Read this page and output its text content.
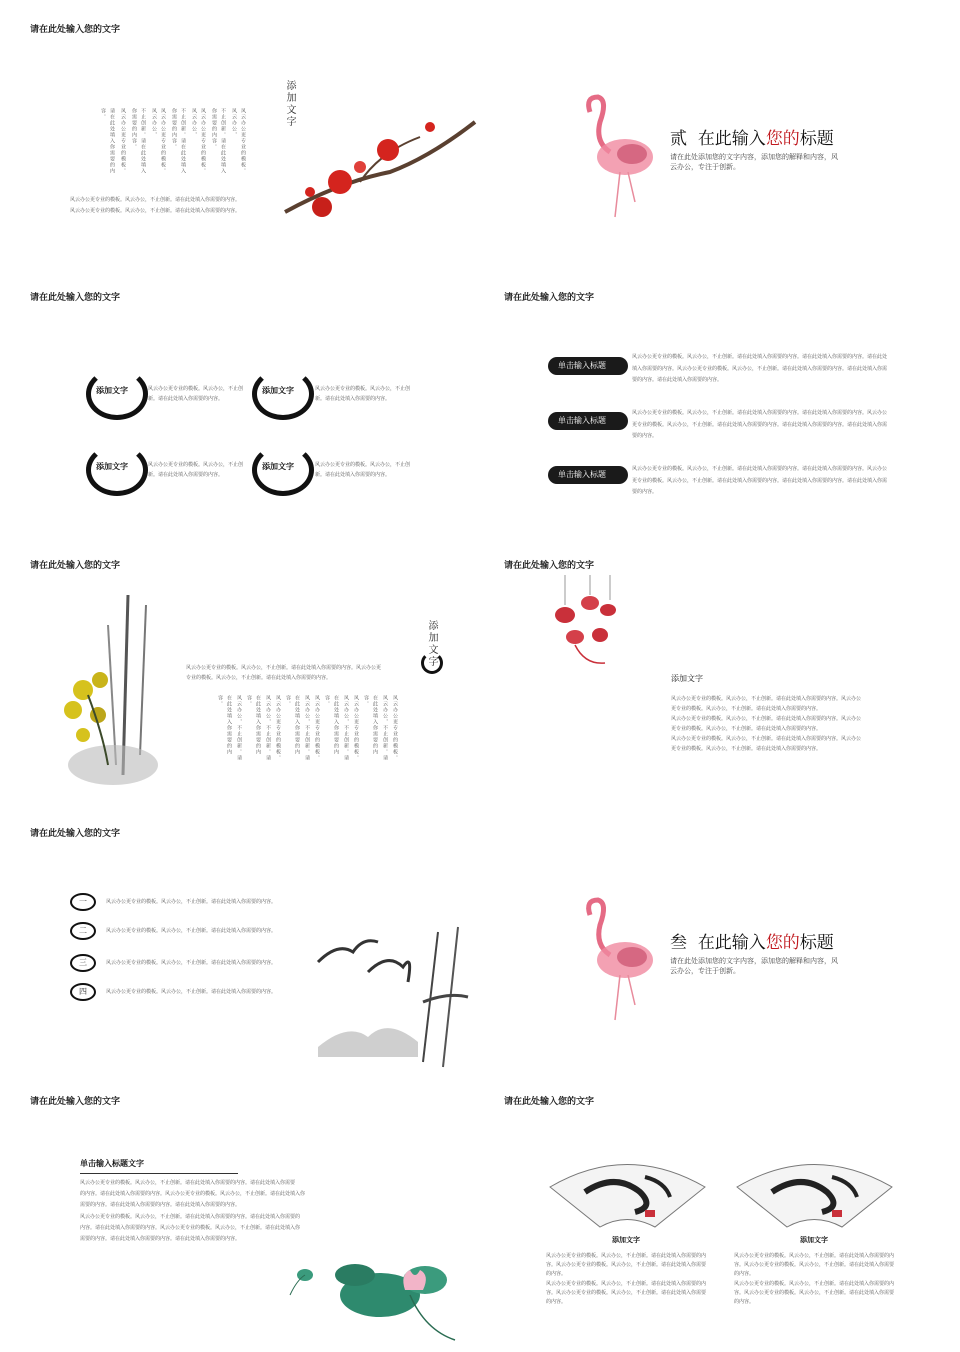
请在此处输入您的文字
风云办公更专业的模板。风云办公，
不止创新。请在此处填入你需要的内容。
风云办公更专业的模板。风云办公，
不止创新。请在此处填入你需要的内容。
风云办公更专业的模板。风云办公，
不止创新。请在此处填入你需要的内容。
风云办公更专业的模板。
请在此处填入你需要的内容。	添加文字
风云办公更专业的模板。风云办公，不止创新。请在此处填入你需要的内容。
风云办公更专业的模板。风云办公，不止创新。请在此处填入你需要的内容。
贰 在此输入您的标题
请在此处添加您的文字内容，添加您的解释和内容，风云办公，专注于创新。
请在此处输入您的文字
添加文字	风云办公更专业的模板。风云办公，不止创新。请在此处填入你需要的内容。
添加文字	风云办公更专业的模板。风云办公，不止创新。请在此处填入你需要的内容。
添加文字	风云办公更专业的模板。风云办公，不止创新。请在此处填入你需要的内容。
添加文字	风云办公更专业的模板。风云办公，不止创新。请在此处填入你需要的内容。
请在此处输入您的文字
单击输入标题
风云办公更专业的模板。风云办公，不止创新。请在此处填入你需要的内容。请在此处填入你需要的内容。请在此处填入你需要的内容。风云办公更专业的模板。风云办公，不止创新。请在此处填入你需要的内容。请在此处填入你需要的内容。请在此处填入你需要的内容。
单击输入标题
风云办公更专业的模板。风云办公，不止创新。请在此处填入你需要的内容。请在此处填入你需要的内容。风云办公更专业的模板。风云办公，不止创新。请在此处填入你需要的内容。请在此处填入你需要的内容。请在此处填入你需要的内容。
单击输入标题
风云办公更专业的模板。风云办公，不止创新。请在此处填入你需要的内容。请在此处填入你需要的内容。风云办公更专业的模板。风云办公，不止创新。请在此处填入你需要的内容。请在此处填入你需要的内容。请在此处填入你需要的内容。
请在此处输入您的文字
风云办公更专业的模板。风云办公，不止创新。请在此处填入你需要的内容。风云办公更
专业的模板。风云办公，不止创新。请在此处填入你需要的内容。
风云办公更专业的模板。
风云办公，不止创新。请
在此处填入你需要的内容。
风云办公更专业的模板。
风云办公，不止创新。请
在此处填入你需要的内容。
风云办公更专业的模板。
风云办公，不止创新。请
在此处填入你需要的内容。
风云办公更专业的模板。
风云办公，不止创新。请
在此处填入你需要的内容。
风云办公，不止创新。请
在此处填入你需要的内容。
添加文字
请在此处输入您的文字
添加文字
风云办公更专业的模板。风云办公，不止创新。请在此处填入你需要的内容。风云办公
更专业的模板。风云办公，不止创新。请在此处填入你需要的内容。
风云办公更专业的模板。风云办公，不止创新。请在此处填入你需要的内容。风云办公
更专业的模板。风云办公，不止创新。请在此处填入你需要的内容。
风云办公更专业的模板。风云办公，不止创新。请在此处填入你需要的内容。风云办公
更专业的模板。风云办公，不止创新。请在此处填入你需要的内容。
请在此处输入您的文字
一	风云办公更专业的模板。风云办公，不止创新。请在此处填入你需要的内容。
二	风云办公更专业的模板。风云办公，不止创新。请在此处填入你需要的内容。
三	风云办公更专业的模板。风云办公，不止创新。请在此处填入你需要的内容。
四	风云办公更专业的模板。风云办公，不止创新。请在此处填入你需要的内容。
叁 在此输入您的标题
请在此处添加您的文字内容，添加您的解释和内容，风云办公，专注于创新。
请在此处输入您的文字
单击输入标题文字
风云办公更专业的模板。风云办公，不止创新。请在此处填入你需要的内容。请在此处填入你需要
的内容。请在此处填入你需要的内容。风云办公更专业的模板。风云办公，不止创新。请在此处填入你
需要的内容。请在此处填入你需要的内容。请在此处填入你需要的内容。
风云办公更专业的模板。风云办公，不止创新。请在此处填入你需要的内容。请在此处填入你需要的
内容。请在此处填入你需要的内容。风云办公更专业的模板。风云办公，不止创新。请在此处填入你
需要的内容。请在此处填入你需要的内容。请在此处填入你需要的内容。
请在此处输入您的文字
添加文字
风云办公更专业的模板。风云办公，不止创新。请在此处填入你需要的内
容。风云办公更专业的模板。风云办公，不止创新。请在此处填入你需要
的内容。
风云办公更专业的模板。风云办公，不止创新。请在此处填入你需要的内
容。风云办公更专业的模板。风云办公，不止创新。请在此处填入你需要
的内容。
添加文字
风云办公更专业的模板。风云办公，不止创新。请在此处填入你需要的内
容。风云办公更专业的模板。风云办公，不止创新。请在此处填入你需要
的内容。
风云办公更专业的模板。风云办公，不止创新。请在此处填入你需要的内
容。风云办公更专业的模板。风云办公，不止创新。请在此处填入你需要
的内容。
